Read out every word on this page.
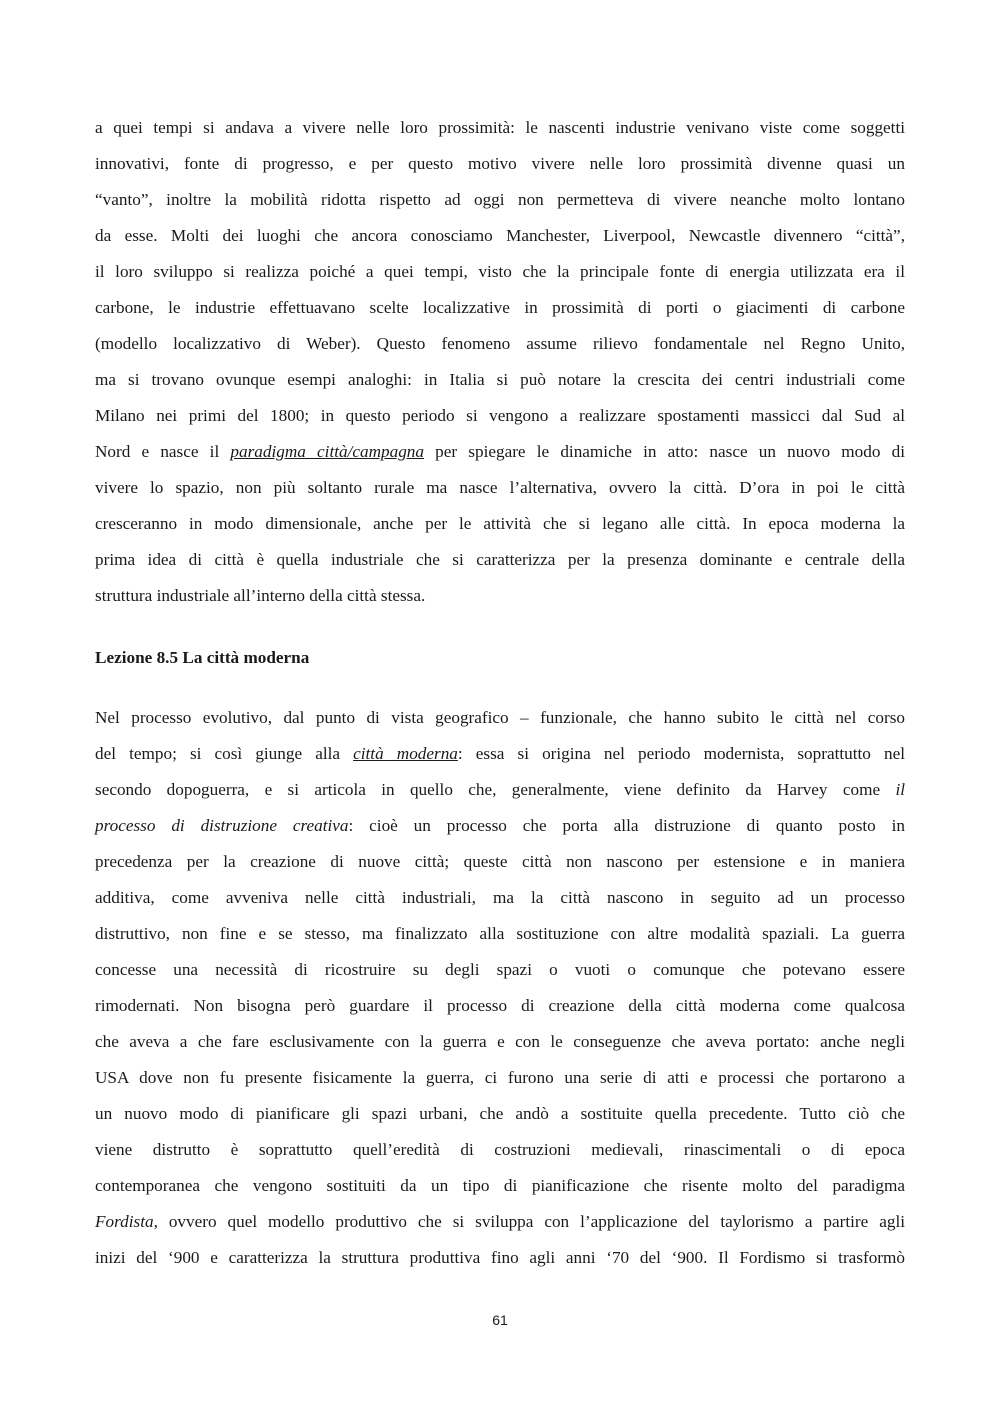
a quei tempi si andava a vivere nelle loro prossimità: le nascenti industrie venivano viste come soggetti
innovativi, fonte di progresso, e per questo motivo vivere nelle loro prossimità divenne quasi un
“vanto”, inoltre la mobilità ridotta rispetto ad oggi non permetteva di vivere neanche molto lontano
da esse. Molti dei luoghi che ancora conosciamo Manchester, Liverpool, Newcastle divennero “città”,
il loro sviluppo si realizza poiché a quei tempi, visto che la principale fonte di energia utilizzata era il
carbone, le industrie effettuavano scelte localizzative in prossimità di porti o giacimenti di carbone
(modello localizzativo di Weber). Questo fenomeno assume rilievo fondamentale nel Regno Unito,
ma si trovano ovunque esempi analoghi: in Italia si può notare la crescita dei centri industriali come
Milano nei primi del 1800; in questo periodo si vengono a realizzare spostamenti massicci dal Sud al
Nord e nasce il paradigma città/campagna per spiegare le dinamiche in atto: nasce un nuovo modo di
vivere lo spazio, non più soltanto rurale ma nasce l’alternativa, ovvero la città. D’ora in poi le città
cresceranno in modo dimensionale, anche per le attività che si legano alle città. In epoca moderna la
prima idea di città è quella industriale che si caratterizza per la presenza dominante e centrale della
struttura industriale all’interno della città stessa.
Lezione 8.5 La città moderna
Nel processo evolutivo, dal punto di vista geografico – funzionale, che hanno subito le città nel corso
del tempo; si così giunge alla città moderna: essa si origina nel periodo modernista, soprattutto nel
secondo dopoguerra, e si articola in quello che, generalmente, viene definito da Harvey come il
processo di distruzione creativa: cioè un processo che porta alla distruzione di quanto posto in
precedenza per la creazione di nuove città; queste città non nascono per estensione e in maniera
additiva, come avveniva nelle città industriali, ma la città nascono in seguito ad un processo
distruttivo, non fine e se stesso, ma finalizzato alla sostituzione con altre modalità spaziali. La guerra
concesse una necessità di ricostruire su degli spazi o vuoti o comunque che potevano essere
rimodernati. Non bisogna però guardare il processo di creazione della città moderna come qualcosa
che aveva a che fare esclusivamente con la guerra e con le conseguenze che aveva portato: anche negli
USA dove non fu presente fisicamente la guerra, ci furono una serie di atti e processi che portarono a
un nuovo modo di pianificare gli spazi urbani, che andò a sostituite quella precedente. Tutto ciò che
viene distrutto è soprattutto quell’eredità di costruzioni medievali, rinascimentali o di epoca
contemporanea che vengono sostituiti da un tipo di pianificazione che risente molto del paradigma
Fordista, ovvero quel modello produttivo che si sviluppa con l’applicazione del taylorismo a partire agli
inizi del ‘900 e caratterizza la struttura produttiva fino agli anni ‘70 del ‘900. Il Fordismo si trasformò
61
